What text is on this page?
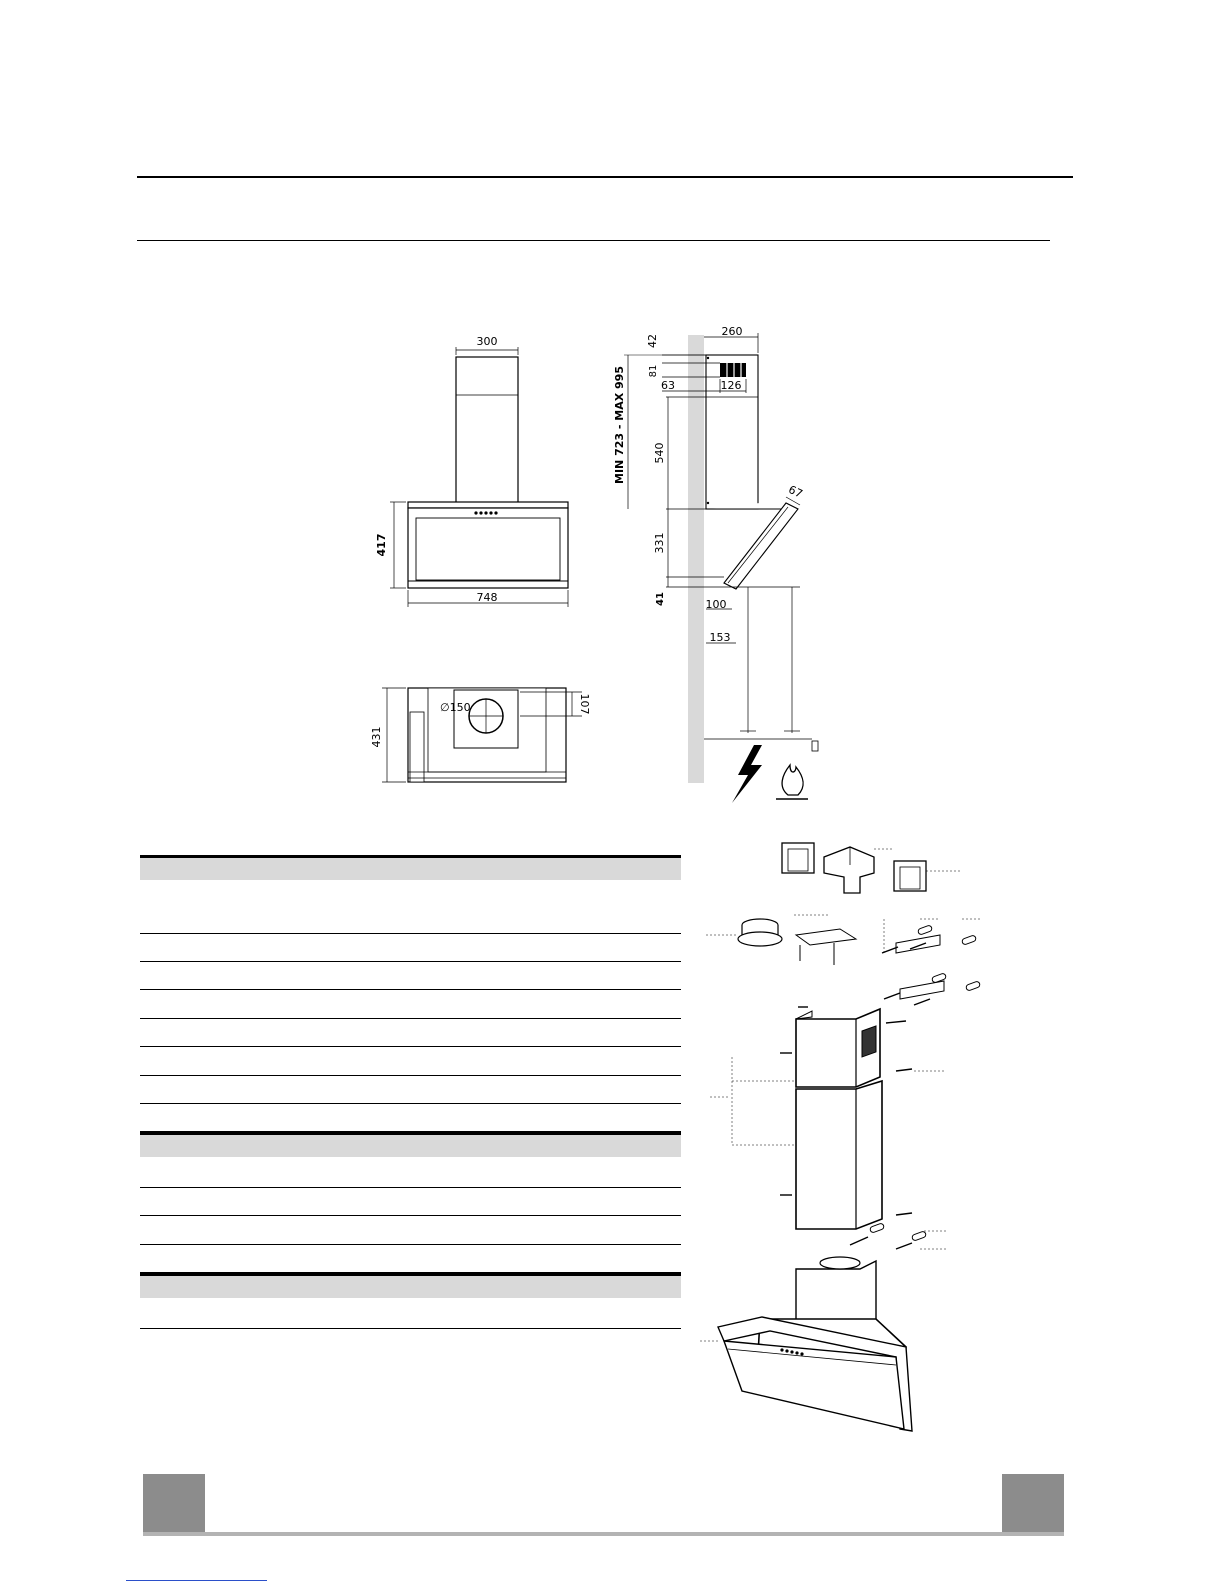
300
417
748
∅150
431
107
260
42
81
63	126
MIN 723 - MAX 995 540
67
331
41	100
153
